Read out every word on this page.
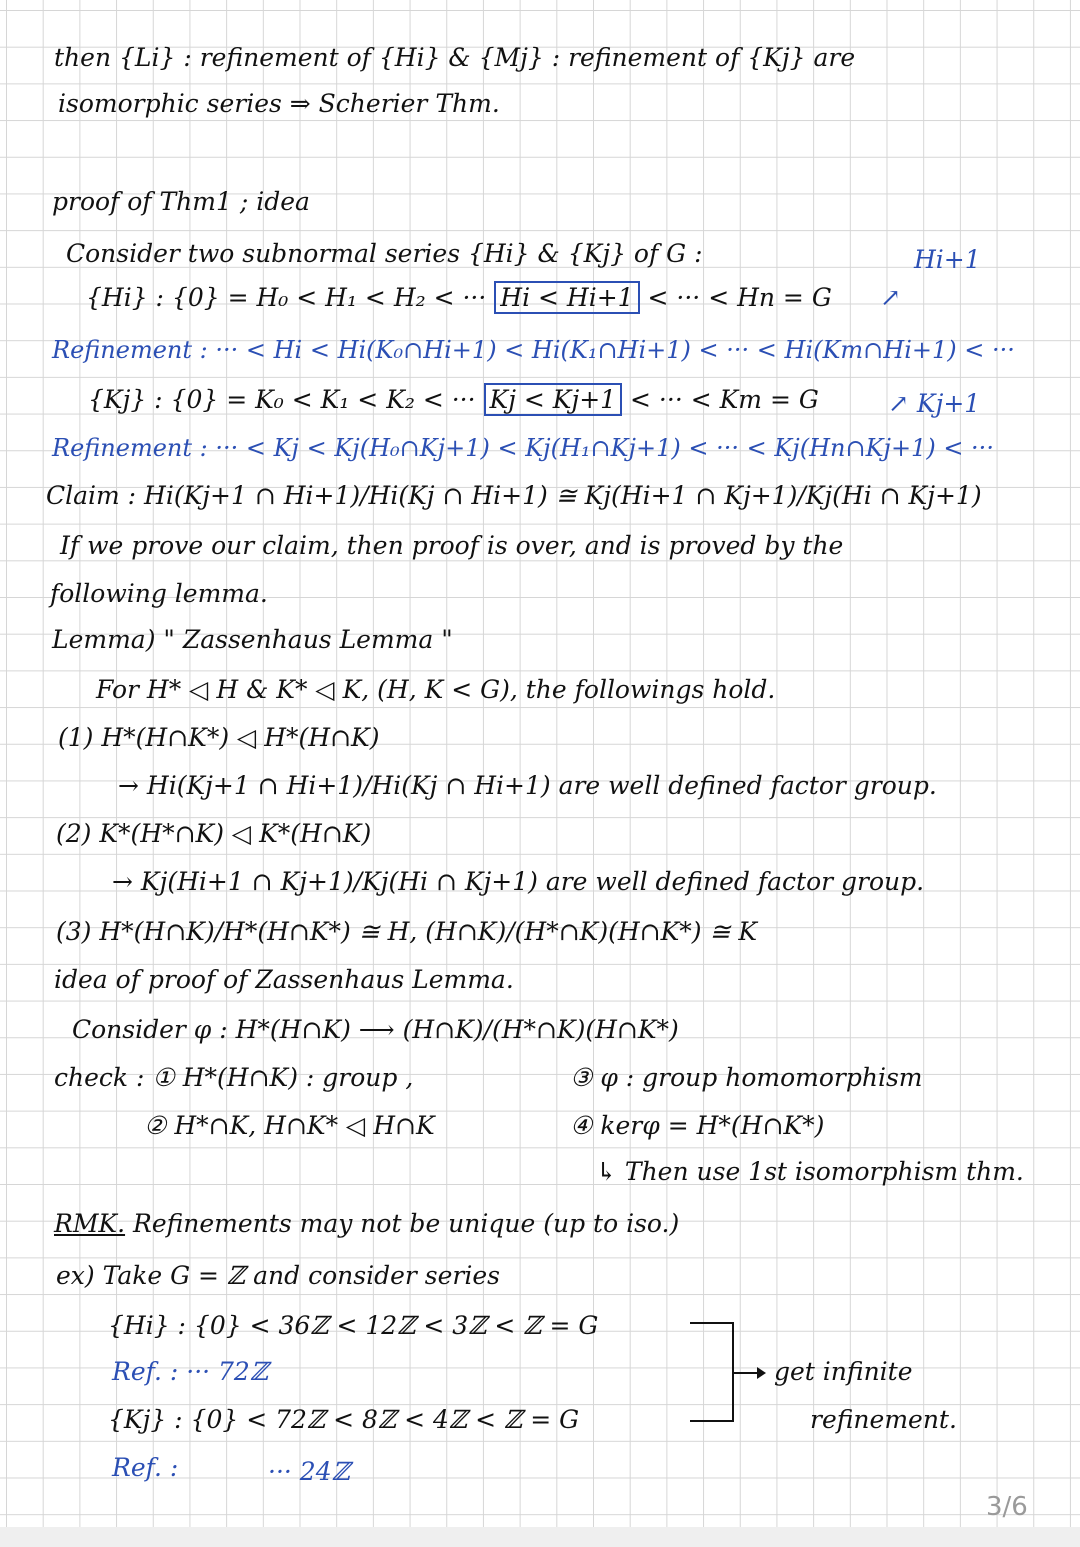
then {Li} : refinement of {Hi} & {Mj} : refinement of {Kj} are
isomorphic series ⇒ Scherier Thm.
proof of Thm1 ; idea
Consider two subnormal series {Hi} & {Kj} of G :	Hi+1
{Hi} : {0} = H₀ < H₁ < H₂ < ··· Hi < Hi+1 < ··· < Hn = G ↗
Refinement : ··· < Hi < Hi(K₀∩Hi+1) < Hi(K₁∩Hi+1) < ··· < Hi(Km∩Hi+1) < ···
{Kj} : {0} = K₀ < K₁ < K₂ < ··· Kj < Kj+1 < ··· < Km = G	↗ Kj+1
Refinement : ··· < Kj < Kj(H₀∩Kj+1) < Kj(H₁∩Kj+1) < ··· < Kj(Hn∩Kj+1) < ···
Claim : Hi(Kj+1 ∩ Hi+1)/Hi(Kj ∩ Hi+1) ≅ Kj(Hi+1 ∩ Kj+1)/Kj(Hi ∩ Kj+1)
If we prove our claim, then proof is over, and is proved by the
following lemma.
Lemma) " Zassenhaus Lemma "
For H* ◁ H & K* ◁ K, (H, K < G), the followings hold.
(1) H*(H∩K*) ◁ H*(H∩K)
→ Hi(Kj+1 ∩ Hi+1)/Hi(Kj ∩ Hi+1) are well defined factor group.
(2) K*(H*∩K) ◁ K*(H∩K)
→ Kj(Hi+1 ∩ Kj+1)/Kj(Hi ∩ Kj+1) are well defined factor group.
(3) H*(H∩K)/H*(H∩K*) ≅ H, (H∩K)/(H*∩K)(H∩K*) ≅ K
idea of proof of Zassenhaus Lemma.
Consider φ : H*(H∩K) ⟶ (H∩K)/(H*∩K)(H∩K*)
check : ① H*(H∩K) : group ,	③ φ : group homomorphism
② H*∩K, H∩K* ◁ H∩K	④ kerφ = H*(H∩K*)
↳ Then use 1st isomorphism thm.
RMK. Refinements may not be unique (up to iso.)
ex) Take G = ℤ and consider series
{Hi} : {0} < 36ℤ < 12ℤ < 3ℤ < ℤ = G
Ref. : ··· 72ℤ
{Kj} : {0} < 72ℤ < 8ℤ < 4ℤ < ℤ = G
Ref. :	··· 24ℤ
get infinite
refinement.
3/6
